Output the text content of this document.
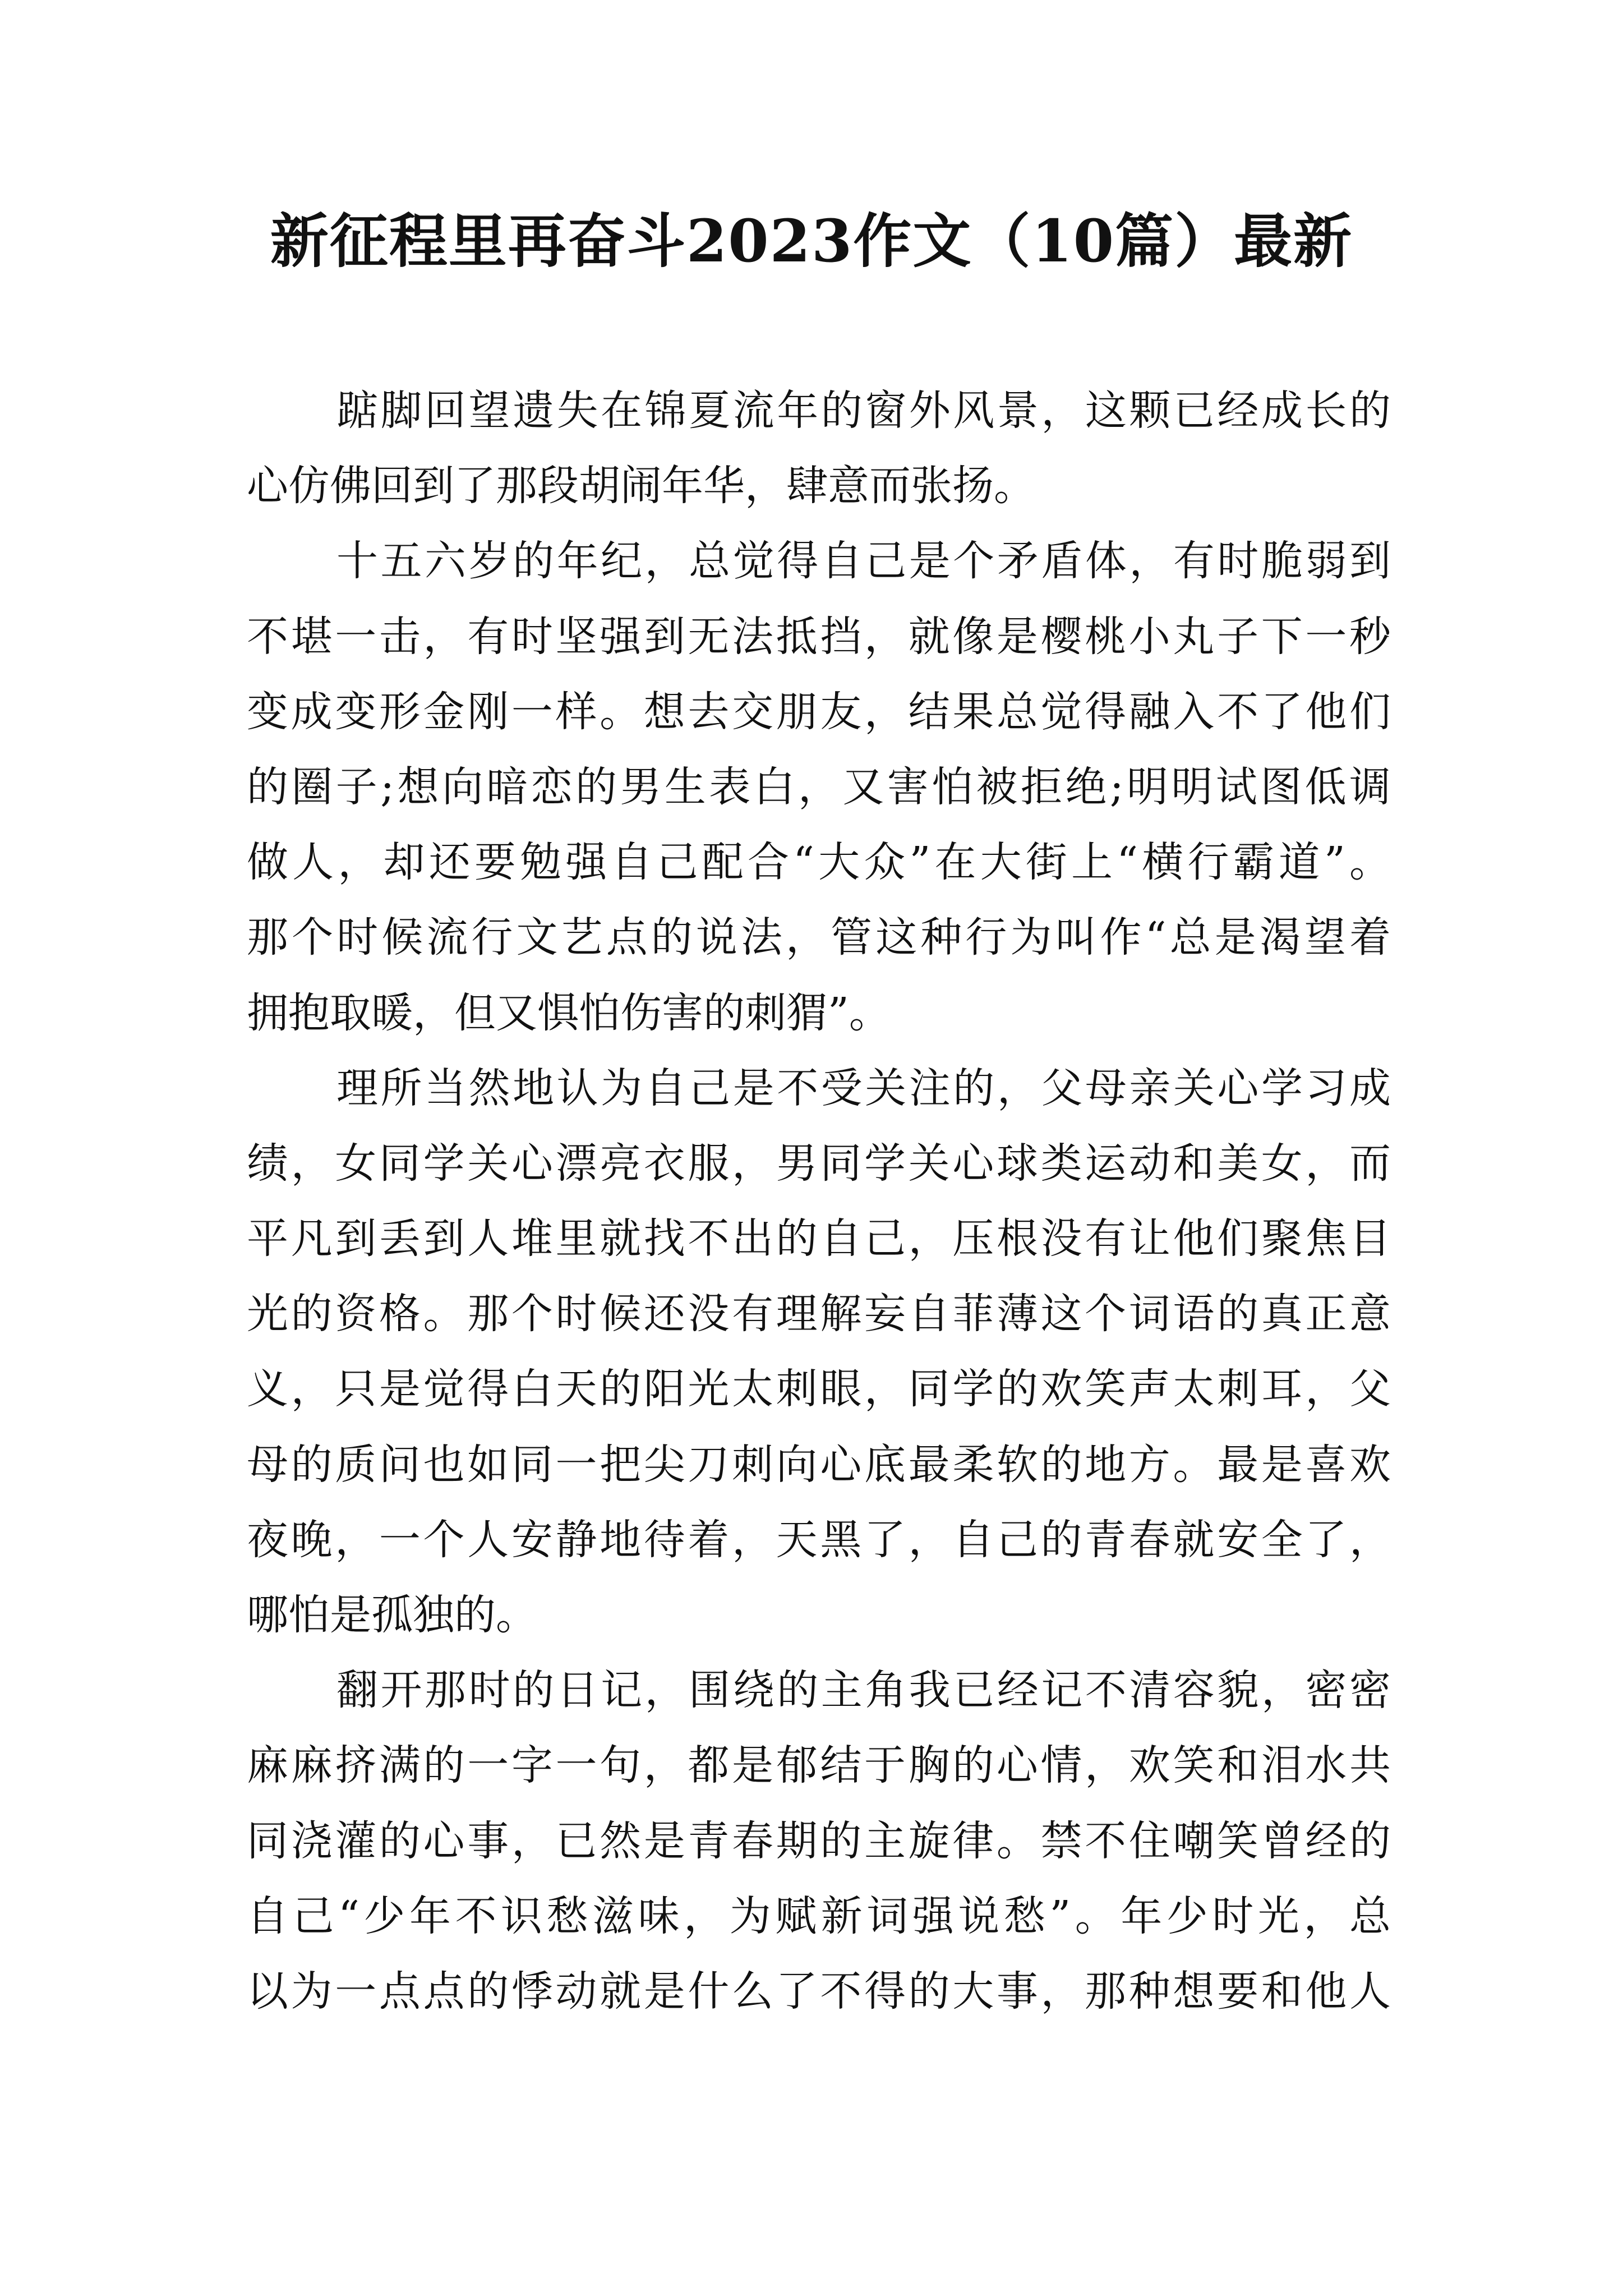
新征程里再奋斗2023作文（10篇）最新
踮脚回望遗失在锦夏流年的窗外风景，这颗已经成长的
心仿佛回到了那段胡闹年华，肆意而张扬。
十五六岁的年纪，总觉得自己是个矛盾体，有时脆弱到
不堪一击，有时坚强到无法抵挡，就像是樱桃小丸子下一秒
变成变形金刚一样。想去交朋友，结果总觉得融入不了他们
的圈子;想向暗恋的男生表白，又害怕被拒绝;明明试图低调
做人，却还要勉强自己配合“大众”在大街上“横行霸道”。
那个时候流行文艺点的说法，管这种行为叫作“总是渴望着
拥抱取暖，但又惧怕伤害的刺猬”。
理所当然地认为自己是不受关注的，父母亲关心学习成
绩，女同学关心漂亮衣服，男同学关心球类运动和美女，而
平凡到丢到人堆里就找不出的自己，压根没有让他们聚焦目
光的资格。那个时候还没有理解妄自菲薄这个词语的真正意
义，只是觉得白天的阳光太刺眼，同学的欢笑声太刺耳，父
母的质问也如同一把尖刀刺向心底最柔软的地方。最是喜欢
夜晚，一个人安静地待着，天黑了，自己的青春就安全了，
哪怕是孤独的。
翻开那时的日记，围绕的主角我已经记不清容貌，密密
麻麻挤满的一字一句，都是郁结于胸的心情，欢笑和泪水共
同浇灌的心事，已然是青春期的主旋律。禁不住嘲笑曾经的
自己“少年不识愁滋味，为赋新词强说愁”。年少时光，总
以为一点点的悸动就是什么了不得的大事，那种想要和他人
